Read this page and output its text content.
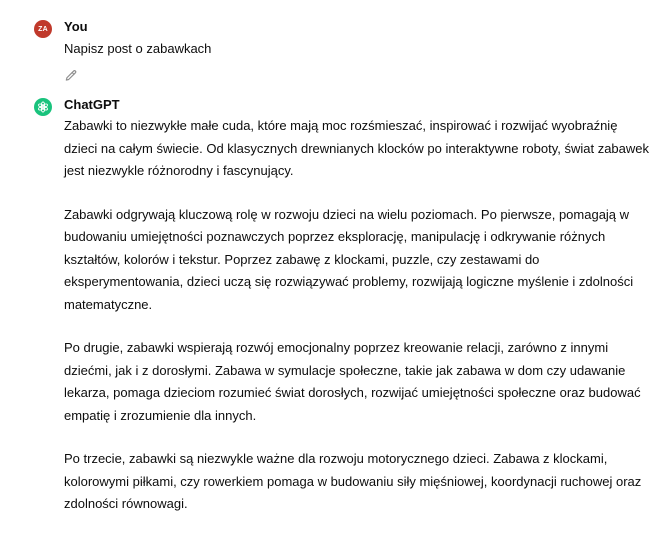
ZA You
Napisz post o zabawkach
ChatGPT

Zabawki to niezwykłe małe cuda, które mają moc rozśmieszać, inspirować i rozwijać wyobraźnię dzieci na całym świecie. Od klasycznych drewnianych klocków po interaktywne roboty, świat zabawek jest niezwykle różnorodny i fascynujący.

Zabawki odgrywają kluczową rolę w rozwoju dzieci na wielu poziomach. Po pierwsze, pomagają w budowaniu umiejętności poznawczych poprzez eksplorację, manipulację i odkrywanie różnych kształtów, kolorów i tekstur. Poprzez zabawę z klockami, puzzle, czy zestawami do eksperymentowania, dzieci uczą się rozwiązywać problemy, rozwijają logiczne myślenie i zdolności matematyczne.

Po drugie, zabawki wspierają rozwój emocjonalny poprzez kreowanie relacji, zarówno z innymi dziećmi, jak i z dorosłymi. Zabawa w symulacje społeczne, takie jak zabawa w dom czy udawanie lekarza, pomaga dzieciom rozumieć świat dorosłych, rozwijać umiejętności społeczne oraz budować empatię i zrozumienie dla innych.

Po trzecie, zabawki są niezwykle ważne dla rozwoju motorycznego dzieci. Zabawa z klockami, kolorowymi piłkami, czy rowerkiem pomaga w budowaniu siły mięśniowej, koordynacji ruchowej oraz zdolności równowagi.
